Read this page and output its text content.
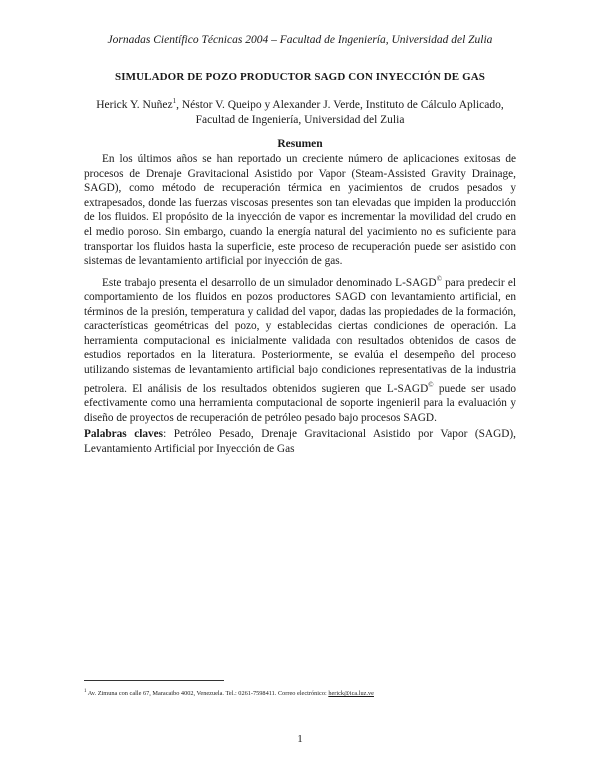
Jornadas Científico Técnicas 2004 – Facultad de Ingeniería, Universidad del Zulia
SIMULADOR DE POZO PRODUCTOR SAGD CON INYECCIÓN DE GAS
Herick Y. Nuñez$^1$, Néstor V. Queipo y Alexander J. Verde, Instituto de Cálculo Aplicado,
Facultad de Ingeniería, Universidad del Zulia
Resumen

En los últimos años se han reportado un creciente número de aplicaciones exitosas de procesos de Drenaje Gravitacional Asistido por Vapor (Steam-Assisted Gravity Drainage, SAGD), como método de recuperación térmica en yacimientos de crudos pesados y extrapesados, donde las fuerzas viscosas presentes son tan elevadas que impiden la producción de los fluidos. El propósito de la inyección de vapor es incrementar la movilidad del crudo en el medio poroso. Sin embargo, cuando la energía natural del yacimiento no es suficiente para transportar los fluidos hasta la superficie, este proceso de recuperación puede ser asistido con sistemas de levantamiento artificial por inyección de gas.

Este trabajo presenta el desarrollo de un simulador denominado L-SAGD© para predecir el comportamiento de los fluidos en pozos productores SAGD con levantamiento artificial, en términos de la presión, temperatura y calidad del vapor, dadas las propiedades de la formación, características geométricas del pozo, y establecidas ciertas condiciones de operación. La herramienta computacional es inicialmente validada con resultados obtenidos de casos de estudios reportados en la literatura. Posteriormente, se evalúa el desempeño del proceso utilizando sistemas de levantamiento artificial bajo condiciones representativas de la industria petrolera. El análisis de los resultados obtenidos sugieren que L-SAGD© puede ser usado efectivamente como una herramienta computacional de soporte ingenieril para la evaluación y diseño de proyectos de recuperación de petróleo pesado bajo procesos SAGD.

Palabras claves: Petróleo Pesado, Drenaje Gravitacional Asistido por Vapor (SAGD), Levantamiento Artificial por Inyección de Gas
$^1$ Av. Zimuna con calle 67, Maracaibo 4002, Venezuela. Tel.: 0261-7598411. Correo electrónico: herick@ica.luz.ve
1
